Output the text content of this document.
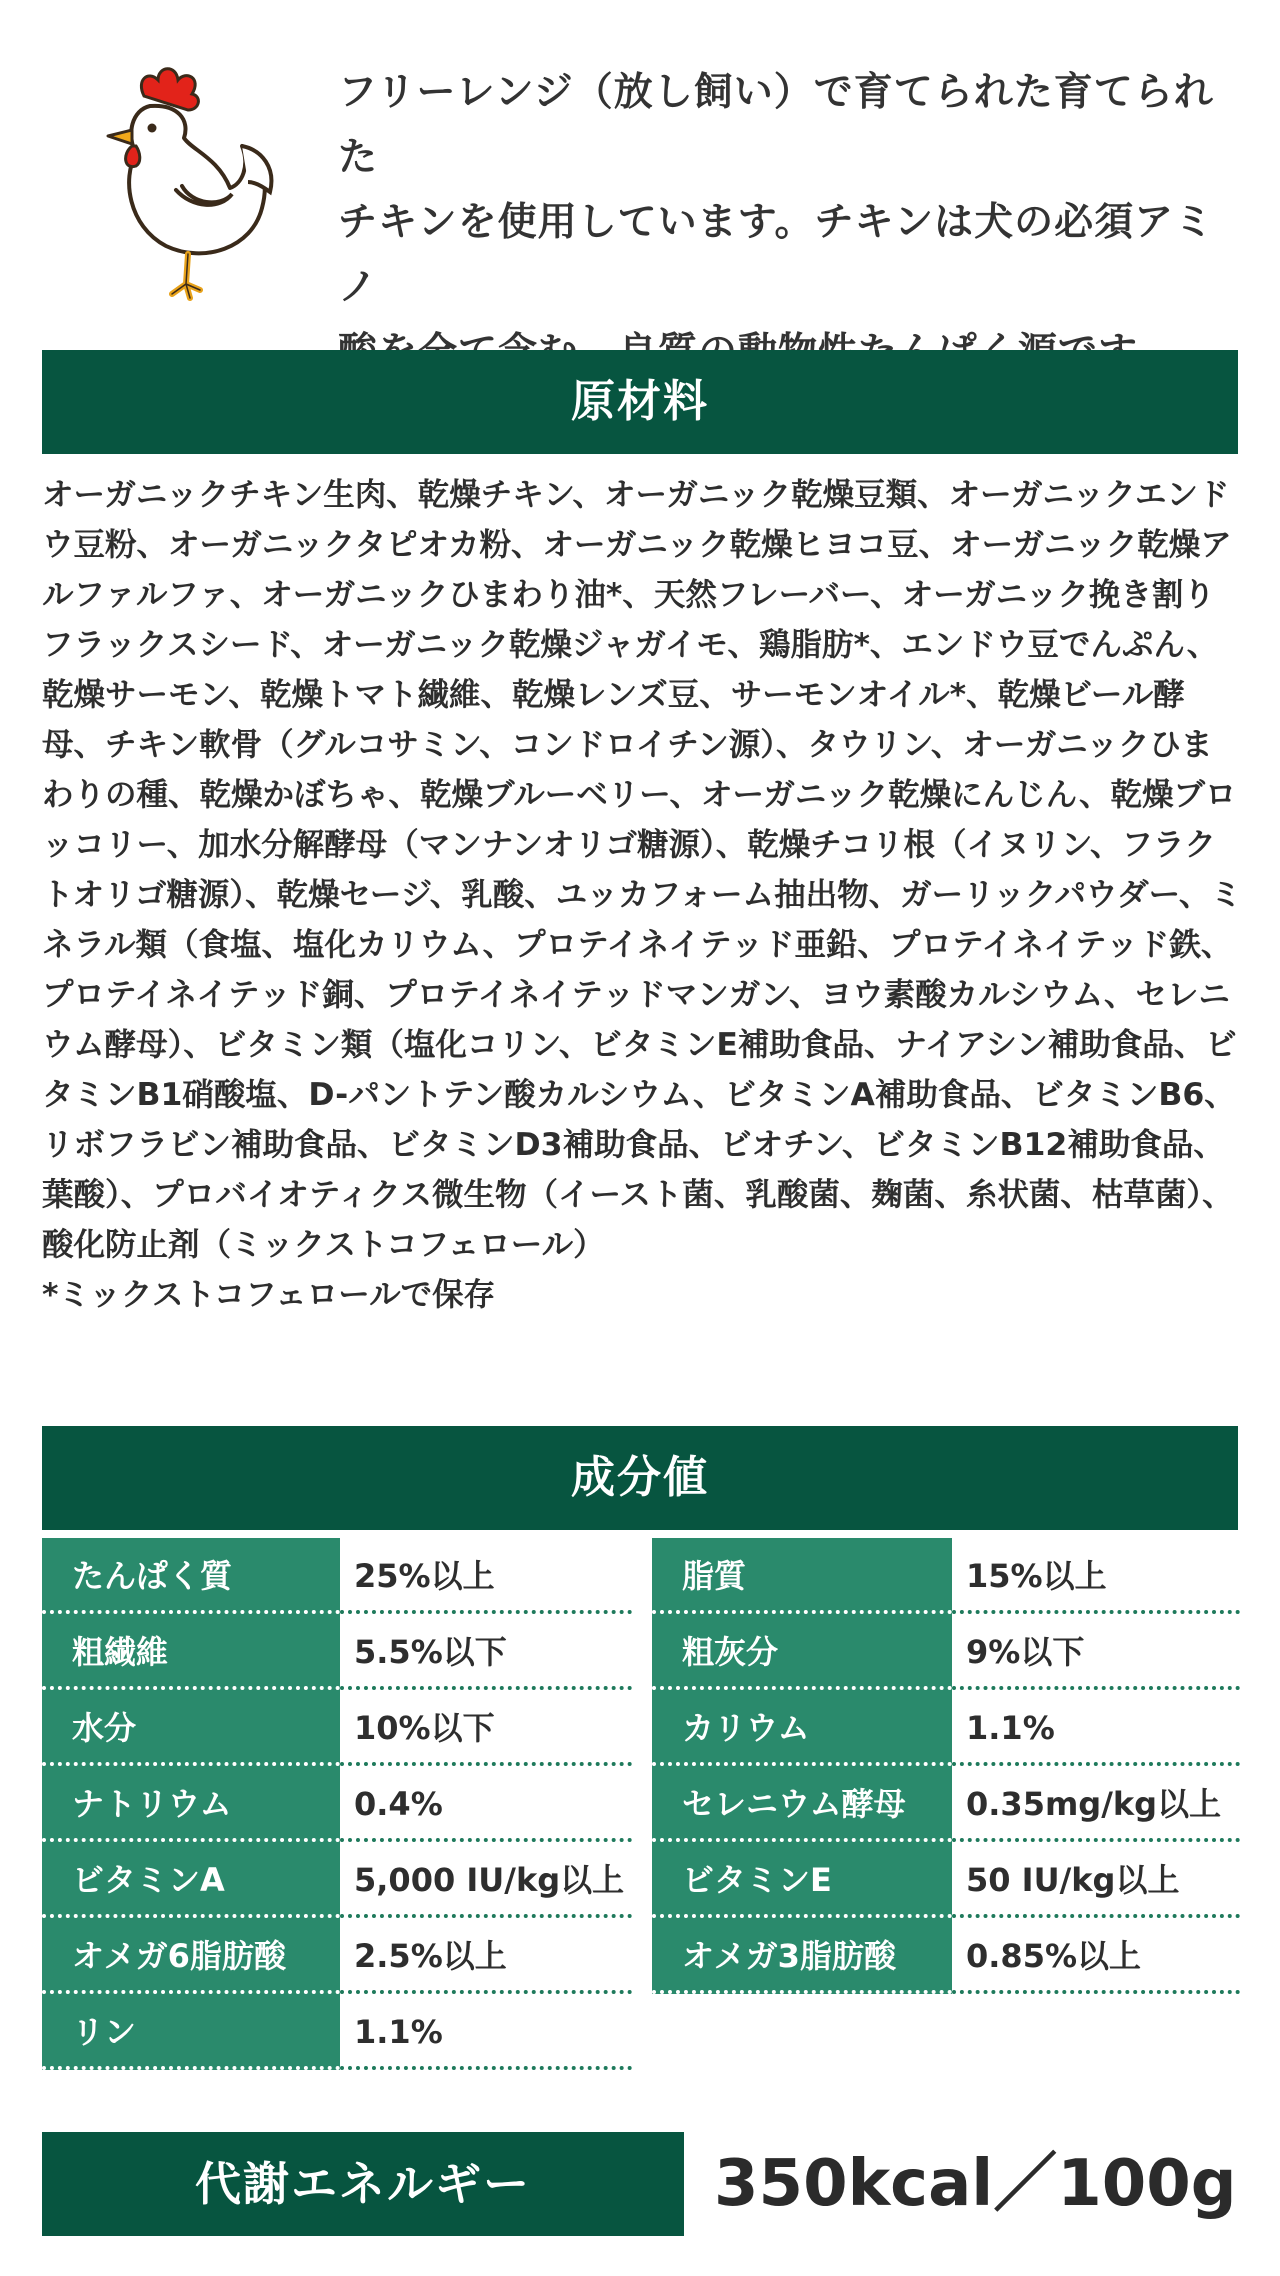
フリーレンジ（放し飼い）で育てられた育てられた
チキンを使用しています。チキンは犬の必須アミノ
原材料
オーガニックチキン生肉、乾燥チキン、オーガニック乾燥豆類、オーガニックエンドウ豆粉、オーガニックタピオカ粉、オーガニック乾燥ヒヨコ豆、オーガニック乾燥アルファルファ、オーガニックひまわり油*、天然フレーバー、オーガニック挽き割りフラックスシード、オーガニック乾燥ジャガイモ、鶏脂肪*、エンドウ豆でんぷん、乾燥サーモン、乾燥トマト繊維、乾燥レンズ豆、サーモンオイル*、乾燥ビール酵母、チキン軟骨（グルコサミン、コンドロイチン源）、タウリン、オーガニックひまわりの種、乾燥かぼちゃ、乾燥ブルーベリー、オーガニック乾燥にんじん、乾燥ブロッコリー、加水分解酵母（マンナンオリゴ糖源）、乾燥チコリ根（イヌリン、フラクトオリゴ糖源）、乾燥セージ、乳酸、ユッカフォーム抽出物、ガーリックパウダー、ミネラル類（食塩、塩化カリウム、プロテイネイテッド亜鉛、プロテイネイテッド鉄、プロテイネイテッド銅、プロテイネイテッドマンガン、ヨウ素酸カルシウム、セレニウム酵母）、ビタミン類（塩化コリン、ビタミンE補助食品、ナイアシン補助食品、ビタミンB1硝酸塩、D-パントテン酸カルシウム、ビタミンA補助食品、ビタミンB6、リボフラビン補助食品、ビタミンD3補助食品、ビオチン、ビタミンB12補助食品、葉酸）、プロバイオティクス微生物（イースト菌、乳酸菌、麹菌、糸状菌、枯草菌）、酸化防止剤（ミックストコフェロール）
*ミックストコフェロールで保存
成分値
たんぱく質	25%以上
粗繊維	5.5%以下
水分	10%以下
ナトリウム	0.4%
ビタミンA	5,000 IU/kg以上
オメガ6脂肪酸	2.5%以上
リン	1.1%
脂質	15%以上
粗灰分	9%以下
カリウム	1.1%
セレニウム酵母	0.35mg/kg以上
ビタミンE	50 IU/kg以上
オメガ3脂肪酸	0.85%以上
代謝エネルギー	350kcal／100g
